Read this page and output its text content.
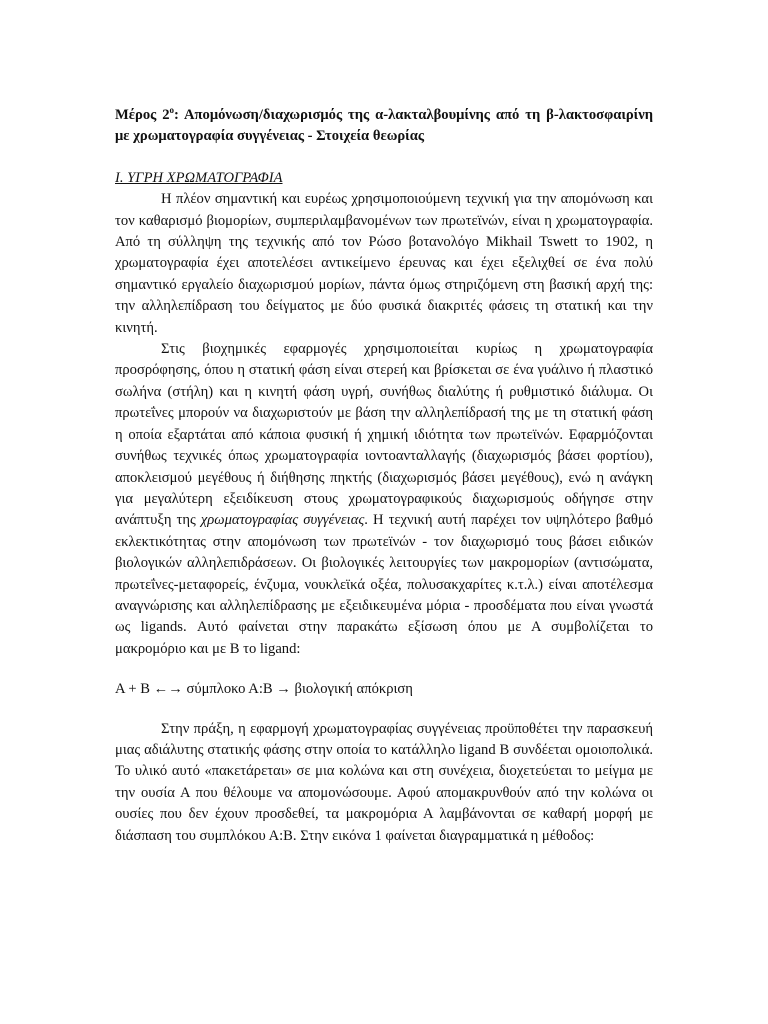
Μέρος $2^o$: Απομόνωση/διαχωρισμός της α-λακταλβουμίνης από τη β-λακτοσφαιρίνη με χρωματογραφία συγγένειας - Στοιχεία θεωρίας

I. ΥΓΡΗ ΧΡΩΜΑΤΟΓΡΑΦΙΑ

Η πλέον σημαντική και ευρέως χρησιμοποιούμενη τεχνική για την απομόνωση και τον καθαρισμό βιομορίων, συμπεριλαμβανομένων των πρωτεϊνών, είναι η χρωματογραφία. Από τη σύλληψη της τεχνικής από τον Ρώσο βοτανολόγο Mikhail Tswett το 1902, η χρωματογραφία έχει αποτελέσει αντικείμενο έρευνας και έχει εξελιχθεί σε ένα πολύ σημαντικό εργαλείο διαχωρισμού μορίων, πάντα όμως στηριζόμενη στη βασική αρχή της: την αλληλεπίδραση του δείγματος με δύο φυσικά διακριτές φάσεις τη στατική και την κινητή.

Στις βιοχημικές εφαρμογές χρησιμοποιείται κυρίως η χρωματογραφία προσρόφησης, όπου η στατική φάση είναι στερεή και βρίσκεται σε ένα γυάλινο ή πλαστικό σωλήνα (στήλη) και η κινητή φάση υγρή, συνήθως διαλύτης ή ρυθμιστικό διάλυμα. Οι πρωτεΐνες μπορούν να διαχωριστούν με βάση την αλληλεπίδρασή της με τη στατική φάση η οποία εξαρτάται από κάποια φυσική ή χημική ιδιότητα των πρωτεϊνών. Εφαρμόζονται συνήθως τεχνικές όπως χρωματογραφία ιοντοανταλλαγής (διαχωρισμός βάσει φορτίου), αποκλεισμού μεγέθους ή διήθησης πηκτής (διαχωρισμός βάσει μεγέθους), ενώ η ανάγκη για μεγαλύτερη εξειδίκευση στους χρωματογραφικούς διαχωρισμούς οδήγησε στην ανάπτυξη της χρωματογραφίας συγγένειας. Η τεχνική αυτή παρέχει τον υψηλότερο βαθμό εκλεκτικότητας στην απομόνωση των πρωτεϊνών - τον διαχωρισμό τους βάσει ειδικών βιολογικών αλληλεπιδράσεων. Οι βιολογικές λειτουργίες των μακρομορίων (αντισώματα, πρωτεΐνες-μεταφορείς, ένζυμα, νουκλεϊκά οξέα, πολυσακχαρίτες κ.τ.λ.) είναι αποτέλεσμα αναγνώρισης και αλληλεπίδρασης με εξειδικευμένα μόρια - προσδέματα που είναι γνωστά ως ligands. Αυτό φαίνεται στην παρακάτω εξίσωση όπου με Α συμβολίζεται το μακρομόριο και με Β το ligand:

Α + Β ←→ σύμπλοκο Α:Β → βιολογική απόκριση

Στην πράξη, η εφαρμογή χρωματογραφίας συγγένειας προϋποθέτει την παρασκευή μιας αδιάλυτης στατικής φάσης στην οποία το κατάλληλο ligand Β συνδέεται ομοιοπολικά. Το υλικό αυτό «πακετάρεται» σε μια κολώνα και στη συνέχεια, διοχετεύεται το μείγμα με την ουσία Α που θέλουμε να απομονώσουμε. Αφού απομακρυνθούν από την κολώνα οι ουσίες που δεν έχουν προσδεθεί, τα μακρομόρια Α λαμβάνονται σε καθαρή μορφή με διάσπαση του συμπλόκου Α:Β. Στην εικόνα 1 φαίνεται διαγραμματικά η μέθοδος:
